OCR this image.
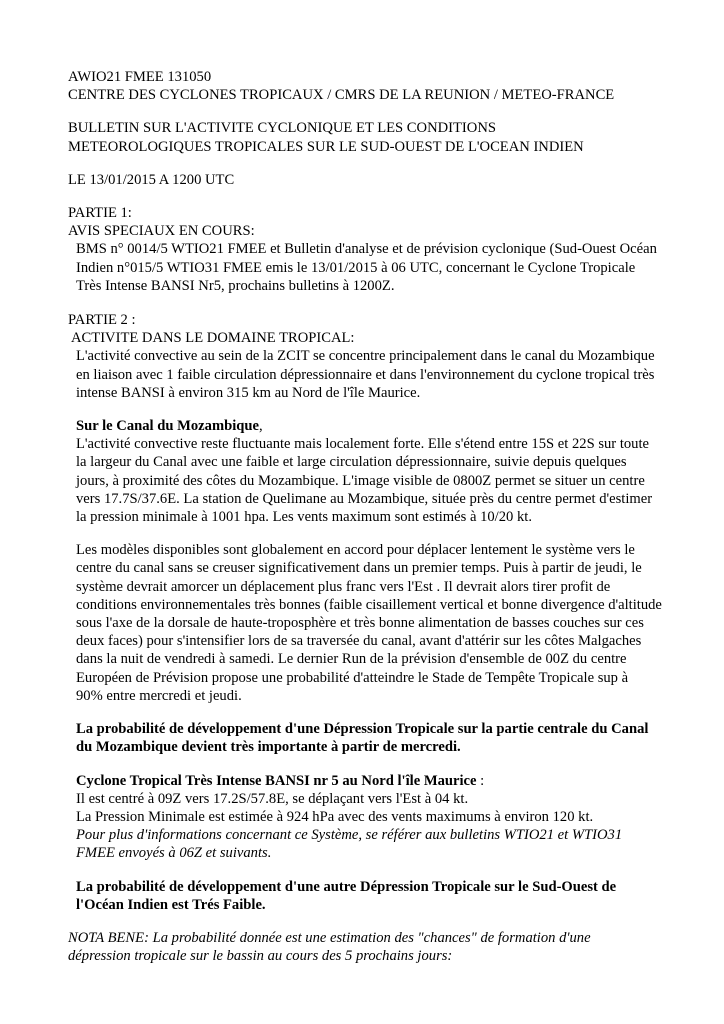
AWIO21 FMEE 131050

CENTRE DES CYCLONES TROPICAUX / CMRS DE LA REUNION / METEO-FRANCE

BULLETIN SUR L'ACTIVITE CYCLONIQUE ET LES CONDITIONS

METEOROLOGIQUES TROPICALES SUR LE SUD-OUEST DE L'OCEAN INDIEN

LE 13/01/2015 A 1200 UTC

PARTIE 1:

AVIS SPECIAUX EN COURS:

BMS n° 0014/5 WTIO21 FMEE et Bulletin d'analyse et de prévision cyclonique (Sud-Ouest Océan

Indien n°015/5 WTIO31 FMEE emis le 13/01/2015 à 06 UTC, concernant le Cyclone Tropicale

Très Intense BANSI Nr5, prochains bulletins à 1200Z.

PARTIE 2 :

ACTIVITE DANS LE DOMAINE TROPICAL:

L'activité convective au sein de la ZCIT se concentre principalement dans le canal du Mozambique

en liaison avec 1 faible circulation dépressionnaire et dans l'environnement du cyclone tropical très

intense BANSI à environ 315 km au Nord de l'île Maurice.

Sur le Canal du Mozambique,

L'activité convective reste fluctuante mais localement forte. Elle s'étend entre 15S et 22S sur toute

la largeur du Canal avec une faible et large circulation dépressionnaire, suivie depuis quelques

jours, à proximité des côtes du Mozambique. L'image visible de 0800Z permet se situer un centre

vers 17.7S/37.6E. La station de Quelimane au Mozambique, située près du centre permet d'estimer

la pression minimale à 1001 hpa. Les vents maximum sont estimés à 10/20 kt.

Les modèles disponibles sont globalement en accord pour déplacer lentement le système vers le

centre du canal sans se creuser significativement dans un premier temps. Puis à partir de jeudi, le

système devrait amorcer un déplacement plus franc vers l'Est . Il devrait alors tirer profit de

conditions environnementales très bonnes (faible cisaillement vertical et bonne divergence d'altitude

sous l'axe de la dorsale de haute-troposphère et très bonne alimentation de basses couches sur ces

deux faces) pour s'intensifier lors de sa traversée du canal, avant d'attérir sur les côtes Malgaches

dans la nuit de vendredi à samedi. Le dernier Run de la prévision d'ensemble de 00Z du centre

Européen de Prévision propose une probabilité d'atteindre le Stade de Tempête Tropicale sup à

90% entre mercredi et jeudi.

La probabilité de développement d'une Dépression Tropicale sur la partie centrale du Canal

du Mozambique devient très importante à partir de mercredi.

Cyclone Tropical Très Intense BANSI nr 5 au Nord l'île Maurice :

Il est centré à 09Z vers 17.2S/57.8E, se déplaçant vers l'Est à 04 kt.

La Pression Minimale est estimée à 924 hPa avec des vents maximums à environ 120 kt.

Pour plus d'informations concernant ce Système, se référer aux bulletins WTIO21 et WTIO31

FMEE envoyés à 06Z et suivants.

La probabilité de développement d'une autre Dépression Tropicale sur le Sud-Ouest de

l'Océan Indien est Trés Faible.

NOTA BENE: La probabilité donnée est une estimation des "chances" de formation d'une

dépression tropicale sur le bassin au cours des 5 prochains jours:
